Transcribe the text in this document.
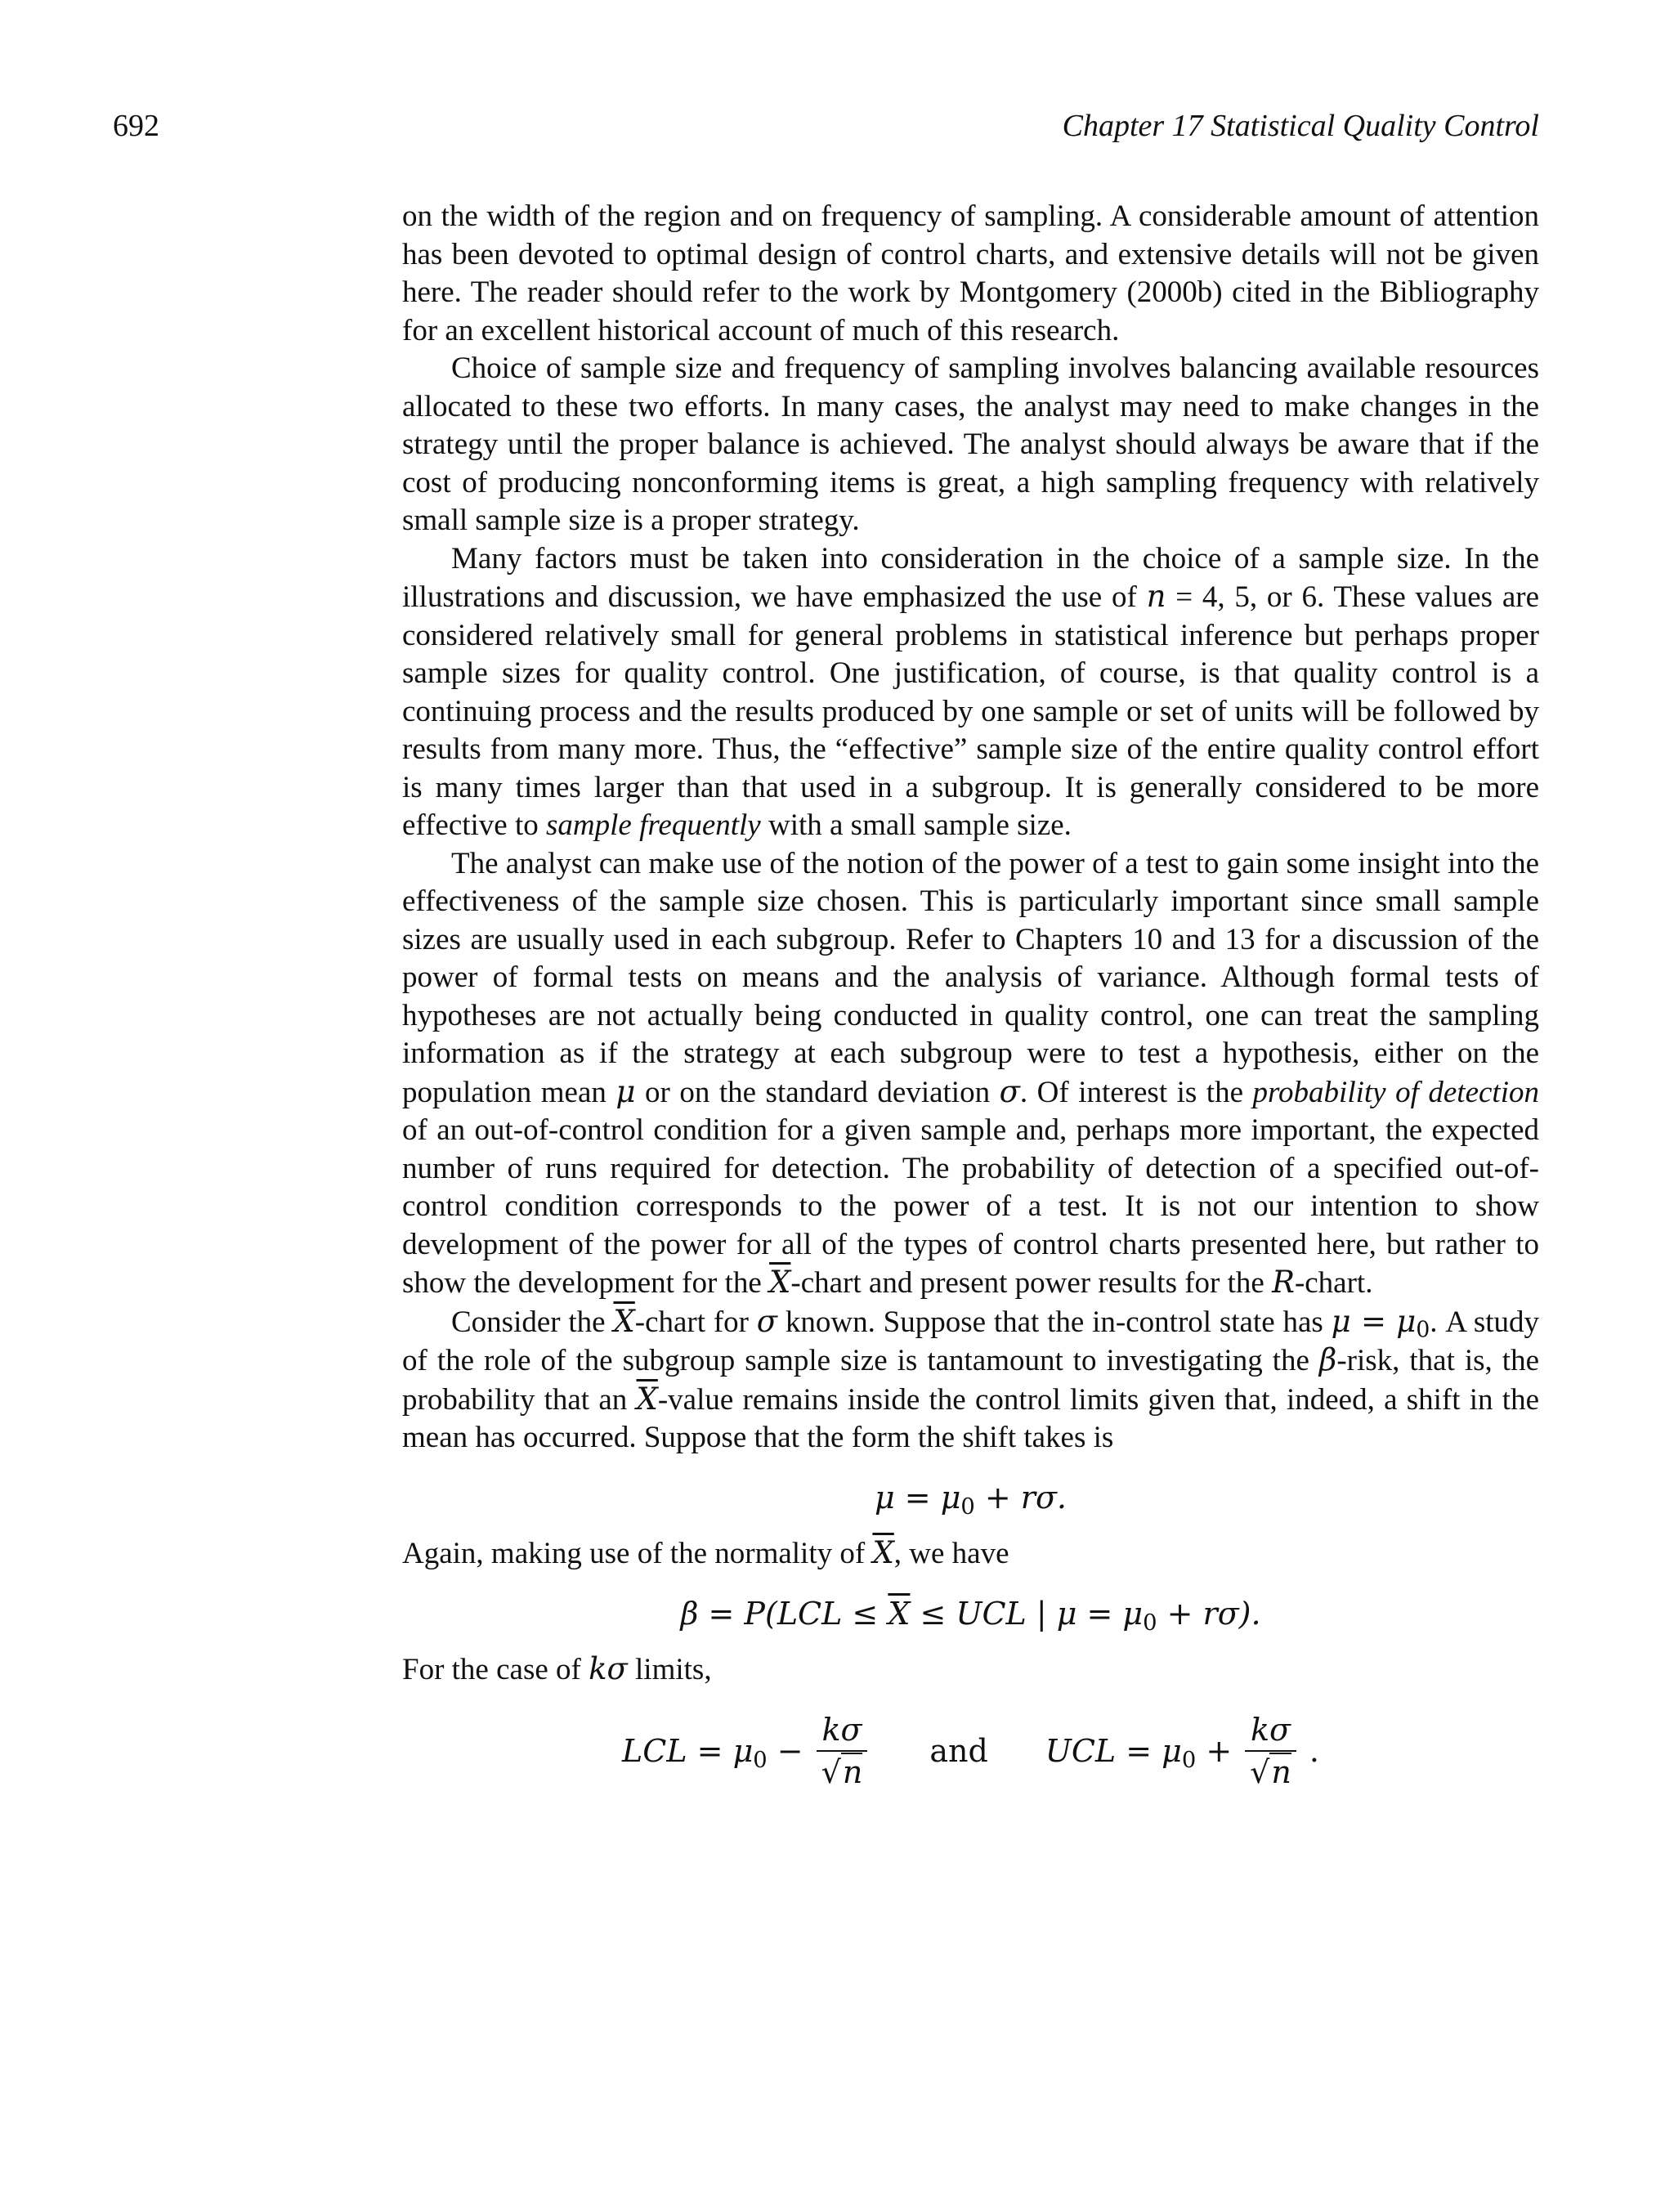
692	Chapter 17 Statistical Quality Control

on the width of the region and on frequency of sampling. A considerable amount of attention has been devoted to optimal design of control charts, and extensive details will not be given here. The reader should refer to the work by Montgomery (2000b) cited in the Bibliography for an excellent historical account of much of this research.

Choice of sample size and frequency of sampling involves balancing available resources allocated to these two efforts. In many cases, the analyst may need to make changes in the strategy until the proper balance is achieved. The analyst should always be aware that if the cost of producing nonconforming items is great, a high sampling frequency with relatively small sample size is a proper strategy.

Many factors must be taken into consideration in the choice of a sample size. In the illustrations and discussion, we have emphasized the use of n = 4, 5, or 6. These values are considered relatively small for general problems in statistical inference but perhaps proper sample sizes for quality control. One justification, of course, is that quality control is a continuing process and the results produced by one sample or set of units will be followed by results from many more. Thus, the “effective” sample size of the entire quality control effort is many times larger than that used in a subgroup. It is generally considered to be more effective to sample frequently with a small sample size.

The analyst can make use of the notion of the power of a test to gain some insight into the effectiveness of the sample size chosen. This is particularly important since small sample sizes are usually used in each subgroup. Refer to Chapters 10 and 13 for a discussion of the power of formal tests on means and the analysis of variance. Although formal tests of hypotheses are not actually being conducted in quality control, one can treat the sampling information as if the strategy at each subgroup were to test a hypothesis, either on the population mean μ or on the standard deviation σ. Of interest is the probability of detection of an out-of-control condition for a given sample and, perhaps more important, the expected number of runs required for detection. The probability of detection of a specified out-of-control condition corresponds to the power of a test. It is not our intention to show development of the power for all of the types of control charts presented here, but rather to show the development for the $\overline{X}$-chart and present power results for the R-chart.

Consider the $\overline{X}$-chart for σ known. Suppose that the in-control state has $\mu = \mu_0$. A study of the role of the subgroup sample size is tantamount to investigating the β-risk, that is, the probability that an $\overline{X}$-value remains inside the control limits given that, indeed, a shift in the mean has occurred. Suppose that the form the shift takes is

$\mu = \mu_0 + r\sigma$.

Again, making use of the normality of $\overline{X}$, we have

$\beta = P(LCL \le \overline{X}$ ≤ UCL | $\mu = \mu_0 + r\sigma$).

For the case of kσ limits,

LCL = $\mu_0 - \frac{k\sigma}{√n}$ and UCL = $\mu_0 + \frac{k\sigma}{√n}$ .
